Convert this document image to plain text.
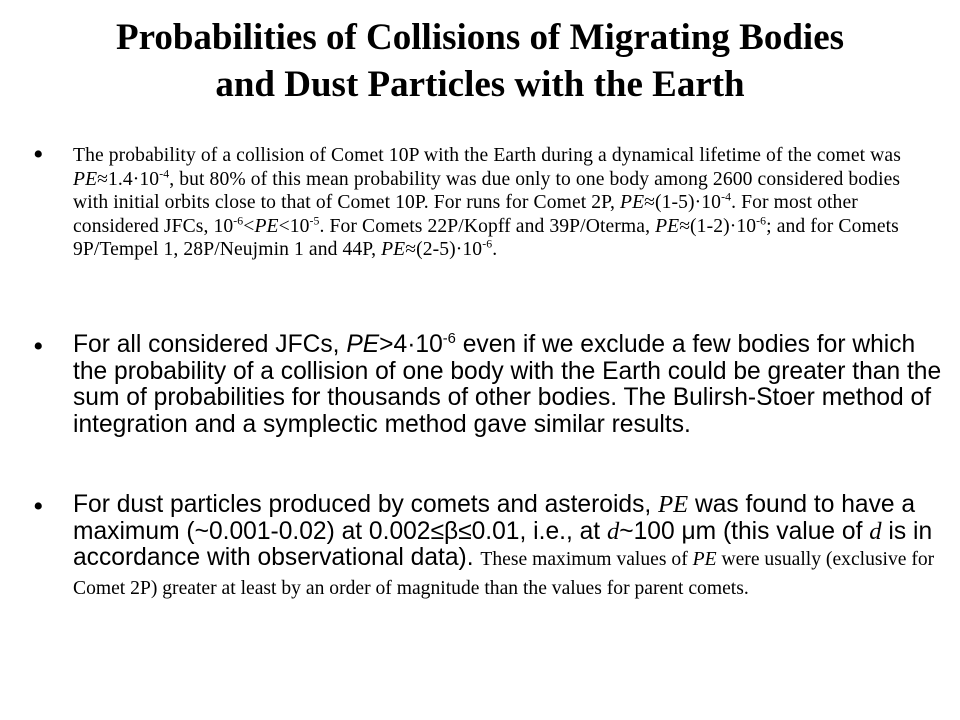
Probabilities of Collisions of Migrating Bodies
and Dust Particles with the Earth
• The probability of a collision of Comet 10P with the Earth during a dynamical lifetime of the comet was $PE\approx 1.4\cdot 10^{-4}$, but 80% of this mean probability was due only to one body among 2600 considered bodies with initial orbits close to that of Comet 10P. For runs for Comet 2P, $PE\approx(1-5)\cdot 10^{-4}$. For most other considered JFCs, $10^{-6}<PE<10^{-5}$. For Comets 22P/Kopff and 39P/Oterma, $PE\approx(1-2)\cdot 10^{-6}$; and for Comets 9P/Tempel 1, 28P/Neujmin 1 and 44P, $PE\approx(2-5)\cdot 10^{-6}$.
• For all considered JFCs, $PE>4\cdot 10^{-6}$ even if we exclude a few bodies for which the probability of a collision of one body with the Earth could be greater than the sum of probabilities for thousands of other bodies. The Bulirsh-Stoer method of integration and a symplectic method gave similar results.
• For dust particles produced by comets and asteroids, PE was found to have a maximum (~0.001-0.02) at 0.002≤β≤0.01, i.e., at d~100 μm (this value of d is in accordance with observational data). These maximum values of PE were usually (exclusive for Comet 2P) greater at least by an order of magnitude than the values for parent comets.
